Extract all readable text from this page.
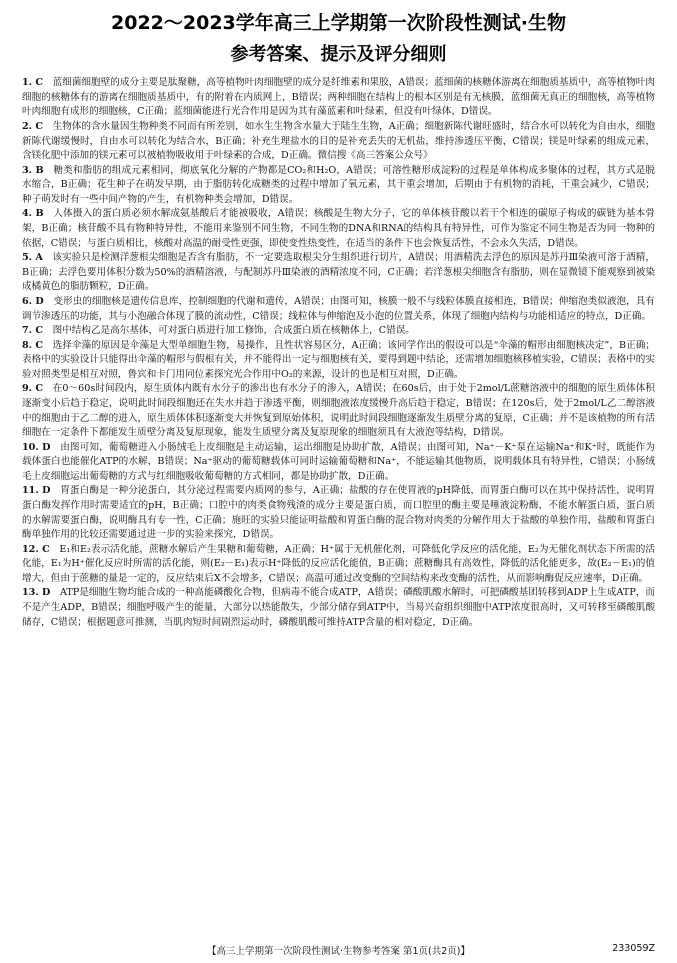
2022～2023学年高三上学期第一次阶段性测试·生物
参考答案、提示及评分细则

1. C  蓝细菌细胞壁的成分主要是肽聚糖，高等植物叶肉细胞壁的成分是纤维素和果胶，A错误；蓝细菌的核糖体游离在细胞质基质中，高等植物叶肉细胞的核糖体有的游离在细胞质基质中，有的附着在内质网上，B错误；两种细胞在结构上的根本区别是有无核膜，蓝细菌无真正的细胞核，高等植物叶肉细胞有成形的细胞核，C正确；蓝细菌能进行光合作用是因为其有藻蓝素和叶绿素，但没有叶绿体，D错误。

2. C  生物体的含水量因生物种类不同而有所差别，如水生生物含水量大于陆生生物，A正确；细胞新陈代谢旺盛时，结合水可以转化为自由水，细胞新陈代谢缓慢时，自由水可以转化为结合水，B正确；补充生理盐水的目的是补充丢失的无机盐，维持渗透压平衡，C错误；镁是叶绿素的组成元素，含镁化肥中添加的镁元素可以被植物吸收用于叶绿素的合成，D正确。微信搜《高三答案公众号》

3. B  糖类和脂肪的组成元素相同，彻底氧化分解的产物都是CO₂和H₂O，A错误；可溶性糖形成淀粉的过程是单体构成多聚体的过程，其方式是脱水缩合，B正确；花生种子在萌发早期，由于脂肪转化成糖类的过程中增加了氧元素，其干重会增加，后期由于有机物的消耗，干重会减少，C错误；种子萌发时有一些中间产物的产生，有机物种类会增加，D错误。

4. B  人体摄入的蛋白质必须水解成氨基酸后才能被吸收，A错误；核酸是生物大分子，它的单体核苷酸以若干个相连的碳原子构成的碳链为基本骨架，B正确；核苷酸不具有物种特异性，不能用来鉴别不同生物，不同生物的DNA和RNA的结构具有特异性，可作为鉴定不同生物是否为同一物种的依据，C错误；与蛋白质相比，核酸对高温的耐受性更强，即使变性热变性，在适当的条件下也会恢复活性，不会永久失活，D错误。

5. A  该实验只是检测洋葱根尖细胞是否含有脂肪，不一定要选取根尖分生组织进行切片，A错误；用酒精洗去浮色的原因是苏丹Ⅲ染液可溶于酒精，B正确；去浮色要用体积分数为50%的酒精溶液，与配制苏丹Ⅲ染液的酒精浓度不同，C正确；若洋葱根尖细胞含有脂肪，则在显微镜下能观察到被染成橘黄色的脂肪颗粒，D正确。

6. D  变形虫的细胞核是遗传信息库，控制细胞的代谢和遗传，A错误；由图可知，核膜一般不与线粒体膜直接相连，B错误；伸缩泡类似液泡，具有调节渗透压的功能，其与小泡融合体现了膜的流动性，C错误；线粒体与伸缩泡及小泡的位置关系，体现了细胞内结构与功能相适应的特点，D正确。

7. C  图中结构乙是高尔基体，可对蛋白质进行加工修饰，合成蛋白质在核糖体上，C错误。

8. C  选择伞藻的原因是伞藻是大型单细胞生物，易操作，且性状容易区分，A正确；该同学作出的假设可以是“伞藻的帽形由细胞核决定”，B正确；表格中的实验设计只能得出伞藻的帽形与假根有关，并不能得出一定与细胞核有关，要得到题中结论，还需增加细胞核移植实验，C错误；表格中的实验对照类型是相互对照，鲁宾和卡门用同位素探究光合作用中O₂的来源，设计的也是相互对照，D正确。

9. C  在0～60s时间段内，原生质体内既有水分子的渗出也有水分子的渗入，A错误；在60s后，由于处于2mol/L蔗糖溶液中的细胞的原生质体体积逐渐变小后趋于稳定，说明此时间段细胞还在失水并趋于渗透平衡，则细胞液浓度缓慢升高后趋于稳定，B错误；在120s后，处于2mol/L乙二醇溶液中的细胞由于乙二醇的进入，原生质体体积逐渐变大并恢复到原始体积，说明此时间段细胞逐渐发生质壁分离的复原，C正确；并不是该植物的所有活细胞在一定条件下都能发生质壁分离及复原现象，能发生质壁分离及复原现象的细胞须具有大液泡等结构，D错误。

10. D  由图可知，葡萄糖进入小肠绒毛上皮细胞是主动运输，运出细胞是协助扩散，A错误；由图可知，Na⁺－K⁺泵在运输Na⁺和K⁺时，既能作为载体蛋白也能催化ATP的水解，B错误；Na⁺驱动的葡萄糖载体可同时运输葡萄糖和Na⁺，不能运输其他物质，说明载体具有特异性，C错误；小肠绒毛上皮细胞运出葡萄糖的方式与红细胞吸收葡萄糖的方式相同，都是协助扩散，D正确。

11. D  胃蛋白酶是一种分泌蛋白，其分泌过程需要内质网的参与，A正确；盐酸的存在使胃液的pH降低，而胃蛋白酶可以在其中保持活性，说明胃蛋白酶发挥作用时需要适宜的pH，B正确；口腔中的肉类食物残渣的成分主要是蛋白质，而口腔里的酶主要是唾液淀粉酶，不能水解蛋白质，蛋白质的水解需要蛋白酶，说明酶具有专一性，C正确；施旺的实验只能证明盐酸和胃蛋白酶的混合物对肉类的分解作用大于盐酸的单独作用，盐酸和胃蛋白酶单独作用的比较还需要通过进一步的实验来探究，D错误。

12. C  E₁和E₂表示活化能，蔗糖水解后产生果糖和葡萄糖，A正确；H⁺属于无机催化剂，可降低化学反应的活化能，E₂为无催化剂状态下所需的活化能，E₁为H⁺催化反应时所需的活化能，则(E₂－E₁)表示H⁺降低的反应活化能值，B正确；蔗糖酶具有高效性，降低的活化能更多，故(E₂－E₁)的值增大，但由于蔗糖的量是一定的，反应结束后X不会增多，C错误；高温可通过改变酶的空间结构来改变酶的活性，从而影响酶促反应速率，D正确。

13. D  ATP是细胞生物均能合成的一种高能磷酸化合物，但病毒不能合成ATP，A错误；磷酸肌酸水解时，可把磷酸基团转移到ADP上生成ATP，而不是产生ADP，B错误；细胞呼吸产生的能量，大部分以热能散失，少部分储存到ATP中，当易兴奋组织细胞中ATP浓度很高时，又可转移至磷酸肌酸储存，C错误；根据题意可推测，当肌肉短时间剧烈运动时，磷酸肌酸可维持ATP含量的相对稳定，D正确。

【高三上学期第一次阶段性测试·生物参考答案 第1页(共2页)】	233059Z
